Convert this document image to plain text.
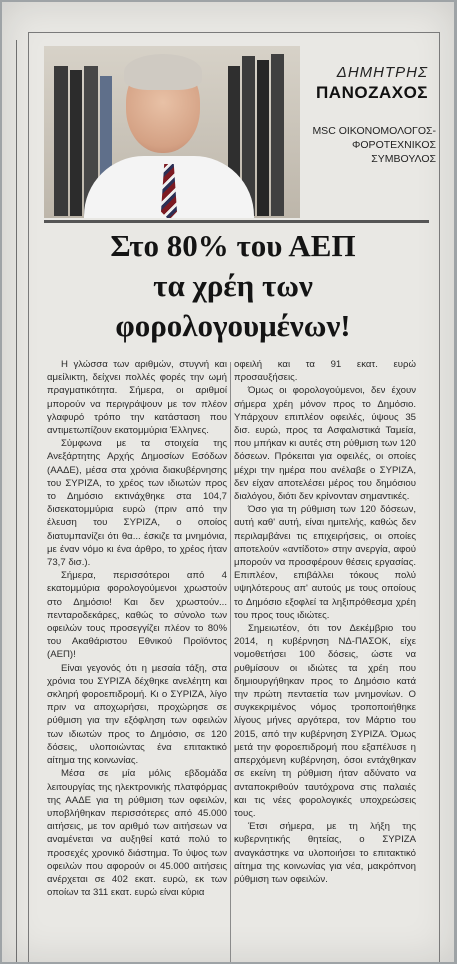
ΔΗΜΗΤΡΗΣ
ΠΑΝΟΖΑΧΟΣ
MSC ΟΙΚΟΝΟΜΟΛΟΓΟΣ-
ΦΟΡΟΤΕΧΝΙΚΟΣ
ΣΥΜΒΟΥΛΟΣ
Στο 80% του ΑΕΠ
τα χρέη των
φορολογουμένων!

Η γλώσσα των αριθμών, στυγνή και αμείλικτη, δείχνει πολλές φορές την ωμή πραγματικότητα. Σήμερα, οι αριθμοί μπορούν να περιγράψουν με τον πλέον γλαφυρό τρόπο την κατάσταση που αντιμετωπίζουν εκατομμύρια Έλληνες.

Σύμφωνα με τα στοιχεία της Ανεξάρτητης Αρχής Δημοσίων Εσόδων (ΑΑΔΕ), μέσα στα χρόνια διακυβέρνησης του ΣΥΡΙΖΑ, το χρέος των ιδιωτών προς το Δημόσιο εκτινάχθηκε στα 104,7 δισεκατομμύρια ευρώ (πριν από την έλευση του ΣΥΡΙΖΑ, ο οποίος διατυμπανίζει ότι θα... έσκιζε τα μνημόνια, με έναν νόμο κι ένα άρθρο, το χρέος ήταν 73,7 δισ.).

Σήμερα, περισσότεροι από 4 εκατομμύρια φορολογούμενοι χρωστούν στο Δημόσιο! Και δεν χρωστούν... πενταροδεκάρες, καθώς το σύνολο των οφειλών τους προσεγγίζει πλέον το 80% του Ακαθάριστου Εθνικού Προϊόντος (ΑΕΠ)!

Είναι γεγονός ότι η μεσαία τάξη, στα χρόνια του ΣΥΡΙΖΑ δέχθηκε ανελέητη και σκληρή φοροεπιδρομή. Κι ο ΣΥΡΙΖΑ, λίγο πριν να αποχωρήσει, προχώρησε σε ρύθμιση για την εξόφληση των οφειλών των ιδιωτών προς το Δημόσιο, σε 120 δόσεις, υλοποιώντας ένα επιτακτικό αίτημα της κοινωνίας.

Μέσα σε μία μόλις εβδομάδα λειτουργίας της ηλεκτρονικής πλατφόρμας της ΑΑΔΕ για τη ρύθμιση των οφειλών, υποβλήθηκαν περισσότερες από 45.000 αιτήσεις, με τον αριθμό των αιτήσεων να αναμένεται να αυξηθεί κατά πολύ το προσεχές χρονικό διάστημα. Το ύψος των οφειλών που αφορούν οι 45.000 αιτήσεις ανέρχεται σε 402 εκατ. ευρώ, εκ των οποίων τα 311 εκατ. ευρώ είναι κύρια

οφειλή και τα 91 εκατ. ευρώ προσαυξήσεις.

Όμως οι φορολογούμενοι, δεν έχουν σήμερα χρέη μόνον προς το Δημόσιο. Υπάρχουν επιπλέον οφειλές, ύψους 35 δισ. ευρώ, προς τα Ασφαλιστικά Ταμεία, που μπήκαν κι αυτές στη ρύθμιση των 120 δόσεων. Πρόκειται για οφειλές, οι οποίες μέχρι την ημέρα που ανέλαβε ο ΣΥΡΙΖΑ, δεν είχαν αποτελέσει μέρος του δημόσιου διαλόγου, διότι δεν κρίνονταν σημαντικές.

Όσο για τη ρύθμιση των 120 δόσεων, αυτή καθ' αυτή, είναι ημιτελής, καθώς δεν περιλαμβάνει τις επιχειρήσεις, οι οποίες αποτελούν «αντίδοτο» στην ανεργία, αφού μπορούν να προσφέρουν θέσεις εργασίας. Επιπλέον, επιβάλλει τόκους πολύ υψηλότερους απ' αυτούς με τους οποίους το Δημόσιο εξοφλεί τα ληξιπρόθεσμα χρέη του προς τους ιδιώτες.

Σημειωτέον, ότι τον Δεκέμβριο του 2014, η κυβέρνηση ΝΔ-ΠΑΣΟΚ, είχε νομοθετήσει 100 δόσεις, ώστε να ρυθμίσουν οι ιδιώτες τα χρέη που δημιουργήθηκαν προς το Δημόσιο κατά την πρώτη πενταετία των μνημονίων. Ο συγκεκριμένος νόμος τροποποιήθηκε λίγους μήνες αργότερα, τον Μάρτιο του 2015, από την κυβέρνηση ΣΥΡΙΖΑ. Όμως μετά την φοροεπιδρομή που εξαπέλυσε η απερχόμενη κυβέρνηση, όσοι εντάχθηκαν σε εκείνη τη ρύθμιση ήταν αδύνατο να ανταποκριθούν ταυτόχρονα στις παλαιές και τις νέες φορολογικές υποχρεώσεις τους.

Έτσι σήμερα, με τη λήξη της κυβερνητικής θητείας, ο ΣΥΡΙΖΑ αναγκάστηκε να υλοποιήσει το επιτακτικό αίτημα της κοινωνίας για νέα, μακρόπνοη ρύθμιση των οφειλών.
